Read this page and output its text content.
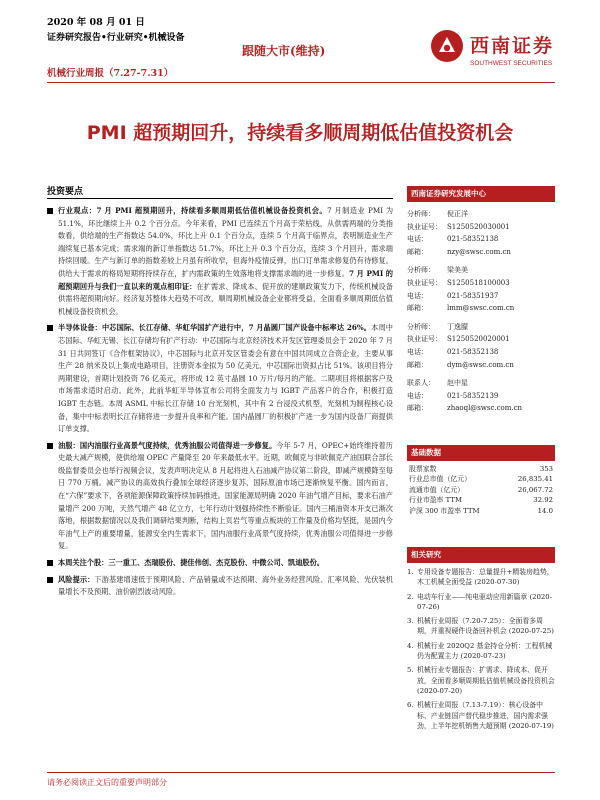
2020 年 08 月 01 日
证券研究报告•行业研究•机械设备
机械行业周报（7.27-7.31）
跟随大市(维持)	西南证券
SOUTHWEST SECURITIES
PMI 超预期回升，持续看多顺周期低估值投资机会
投资要点
行业观点：7 月 PMI 超预期回升，持续看多顺周期低估值机械设备投资机会。7 月制造业 PMI 为 51.1%，环比继续上升 0.2 个百分点。今年来看，PMI 已连续五个月高于荣枯线，从供需两端的分类指数看，供给端的生产指数达 54.0%，环比上升 0.1 个百分点，连续 5 个月高于临界点，表明制造业生产端续复已基本完成；需求端的新订单指数达 51.7%，环比上升 0.3 个百分点，连续 3 个月回升，需求端持续回暖。生产与新订单的指数差较上月虽有所收窄，但海外疫情反弹，出口订单需求修复仍有待修复。供给大于需求的格局短期将持续存在，扩内需政策的生效落地将支撑需求端的进一步修复。7 月 PMI 的超预期回升与我们一直以来的观点相印证：在扩需求、降成本、促开放的建顺政策发力下，传统机械设备供需将超预期向好。经济复苏整体大趋势不可改，顺周期机械设备企业都将受益，全面看多顺周期低估值机械设备投资机会。
半导体设备：中芯国际、长江存储、华虹华国扩产进行中，7 月晶圆厂国产设备中标率达 26%。本周中芯国际、华虹无锡、长江存储均有扩产行动：中芯国际与北京经济技术开发区管理委员会于 2020 年 7 月 31 日共同签订《合作框架协议》，中芯国际与北京开发区管委会有意在中国共同成立合资企业，主要从事生产 28 纳米及以上集成电路项目，注册资本金拟为 50 亿美元，中芯国际出资拟占比 51%。该项目将分两期建设，首期计划投资 76 亿美元，将形成 12 英寸晶圆 10 万片/每月的产能。二期项目将根据客户及市场需求适时启动。此外，此前华虹半导体宣布公司将全面发力与 IGBT 产品客户的合作，积极打造 IGBT 生态链。本周 ASML 中标长江存储 10 台光刻机，其中有 2 台浸没式机型，光刻机为制程核心设备，集中中标表明长江存储将进一步提升良率和产能。国内晶圆厂的积极扩产进一步为国内设备厂商提供订单支撑。
油服：国内油服行业高景气度持续，优秀油服公司值得进一步修复。今年 5-7 月，OPEC+始终维持着历史最大减产规模，使供给端 OPEC 产量降至 20 年来最低水平。近期，欧佩克与非欧佩克产油国联合部长级监督委员会也举行视频会议，发表声明决定从 8 月起将进入石油减产协议第二阶段，即减产规模降至每日 770 万桶。减产协议的高效执行叠加全球经济逐步复苏，国际原油市场已逐渐恢复平衡。国内而言，在“六保”要求下，各项能源保障政策持续加码推进。国家能源局明确 2020 年油气增产目标，要求石油产量增产 200 万吨，天然气增产 48 亿立方，七年行动计划强持续性不断验证。国内三桶油资本开支已渐次落地，根据数据情况以及我们调研结果判断，结构上页岩气等重点板块的工作量及价格均坚挺，是国内今年油气上产的重要增量，能源安全内生需求下，国内油服行业高景气度持续，优秀油服公司值得进一步修复。
本周关注个股：三一重工、杰瑞股份、捷佳伟创、杰克股份、中微公司、凯迪股份。
风险提示：下游基建增速低于预期风险、产品销量或不达预期、海外业务经营风险、汇率风险、光伏装机量增长不及预期、油价剧烈波动风险。
西南证券研究发展中心
分析师：	倪正洋
执业证号： S1250520030001
电话：	021-58352138
邮箱：	nzy@swsc.com.cn
分析师：	梁美美
执业证号： S1250518100003
电话：	021-58351937
邮箱：	lmm@swsc.com.cn
分析师：	丁逸朦
执业证号： S1250520020001
电话：	021-58352138
邮箱：	dym@swsc.com.cn
联系人：	赵中星
电话：	021-58352139
邮箱：	zhaoql@swsc.com.cn
基础数据
股票家数	353
行业总市值（亿元）	26,835.41
流通市值（亿元）	26,067.72
行业市盈率 TTM	32.92
沪深 300 市盈率 TTM	14.0
相关研究
1. 专用设备专题报告：总量提升+精装房趋势，木工机械全面受益 (2020-07-30)
2. 电动车行业——纯电驱动应用新篇章 (2020-07-26)
3. 机械行业周报（7.20-7.25）：全面看多周期，并重视硬件设备回补机会 (2020-07-25)
4. 机械行业 2020Q2 基金持仓分析：工程机械仍为配置主力 (2020-07-23)
5. 机械行业专题报告：扩需求、降成本、促开放，全面看多顺周期低估值机械设备投资机会 (2020-07-20)
6. 机械行业周报（7.13-7.19）：核心设备中标、产业链国产替代稳步推进，国内需求强劲，上半年挖机销售大超预期 (2020-07-19)
请务必阅读正文后的重要声明部分
